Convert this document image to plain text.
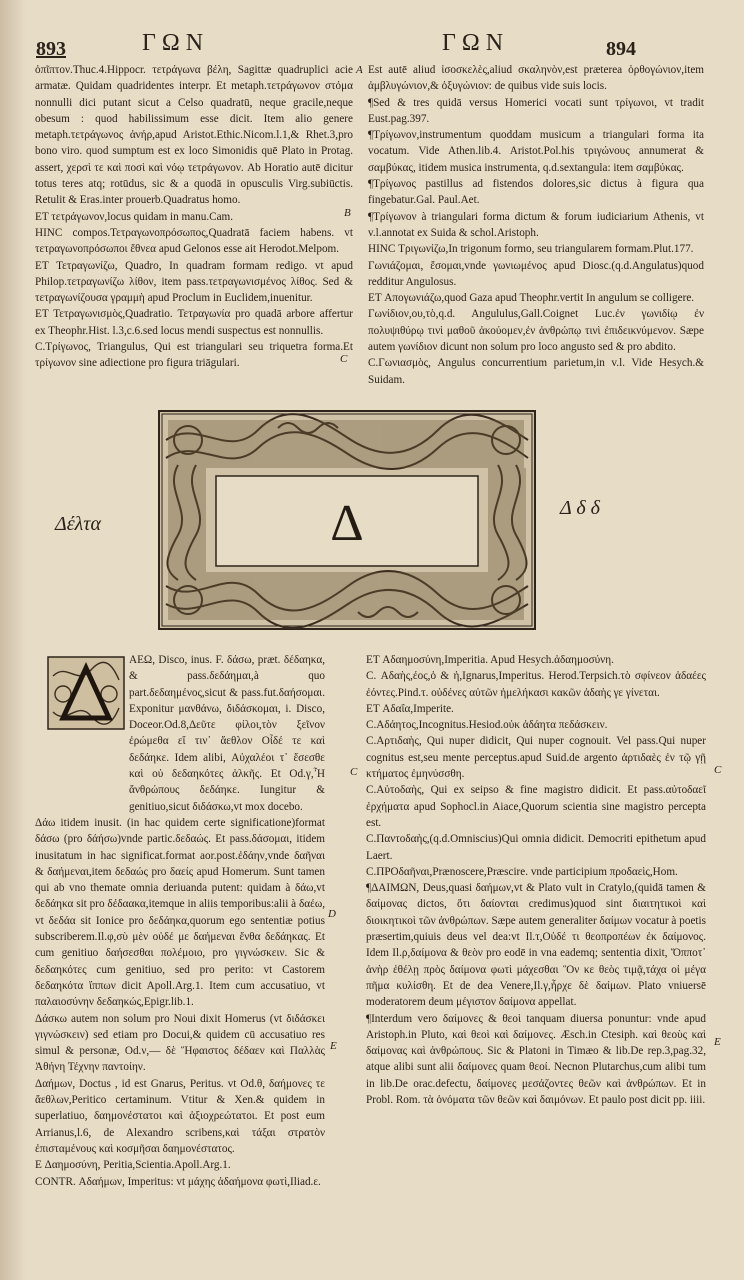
893	ΓΩΝ	ΓΩΝ	894

ὀπῖπτον.Thuc.4.Hippocr. τετράγωνα βέλη, Sagittæ quadruplici acie armatæ. Quidam quadridentes interpr. Et metaph.τετράγωνον στόμα nonnulli dici putant sicut a Celso quadratū, neque gracile,neque obesum : quod habilissimum esse dicit. Item alio genere metaph.τετράγωνος ἀνήρ,apud Aristot.Ethic.Nicom.l.1,& Rhet.3,pro bono viro. quod sumptum est ex loco Simonidis quē Plato in Protag. assert, χερσὶ τε καὶ ποσὶ καὶ νόῳ τετράγωνον. Ab Horatio autē dicitur totus teres atq; rotūdus, sic & a quodā in opusculis Virg.subiūctis. Retulit & Eras.inter prouerb.Quadratus homo.

ET τετράγωνον,locus quidam in manu.Cam.

HINC compos.Τετραγωνοπρόσωπος,Quadratā faciem habens. vt τετραγωνοπρόσωποι ἔθνεα apud Gelonos esse ait Herodot.Melpom.

ET Τετραγωνίζω, Quadro, In quadram formam redigo. vt apud Philop.τετραγωνίζω λίθον, item pass.τετραγωνισμένος λίθος. Sed & τετραγωνίζουσα γραμμὴ apud Proclum in Euclidem,inuenitur.

ET Τετραγωνισμὸς,Quadratio. Τετραγωνία pro quadā arbore affertur ex Theophr.Hist. l.3,c.6.sed locus mendi suspectus est nonnullis.

C.Τρίγωνος, Triangulus, Qui est triangulari seu triquetra forma.Et τρίγωνον sine adiectione pro figura triāgulari.

A
B
C

Est autē aliud ἰσοσκελὲς,aliud σκαληνὸν,est præterea ὀρθογώνιον,item ἀμβλυγώνιον,& ὀξυγώνιον: de quibus vide suis locis.

¶Sed & tres quidā versus Homerici vocati sunt τρίγωνοι, vt tradit Eust.pag.397.

¶Τρίγωνον,instrumentum quoddam musicum a triangulari forma ita vocatum. Vide Athen.lib.4. Aristot.Pol.his τριγώνους annumerat & σαμβύκας, itidem musica instrumenta, q.d.sextangula: item σαμβύκας.

¶Τρίγωνος pastillus ad fistendos dolores,sic dictus à figura qua fingebatur.Gal. Paul.Aet.

¶Τρίγωνον à triangulari forma dictum & forum iudiciarium Athenis, vt v.l.annotat ex Suida & schol.Aristoph.

HINC Τριγωνίζω,In trigonum formo, seu triangularem formam.Plut.177.

Γωνιάζομαι, ἔσομαι,vnde γωνιωμένος apud Diosc.(q.d.Angulatus)quod redditur Angulosus.

ET Απογωνιάζω,quod Gaza apud Theophr.vertit In angulum se colligere.

Γωνίδιον,ου,τὸ,q.d. Angululus,Gall.Coignet Luc.ἐν γωνιδίῳ ἐν πολυψιθύρῳ τινὶ μαθοῦ ἀκούομεν,ἐν ἀνθρώπῳ τινὶ ἐπιδεικνύμενον. Sæpe autem γωνίδιον dicunt non solum pro loco angusto sed & pro abdito.

C.Γωνιασμὸς, Angulus concurrentium parietum,in v.l. Vide Hesych.& Suidam.

Δέλτα
Δ δ δ
Δ

ΑΕΩ, Disco, inus. F. δάσω, præt. δέδαηκα, & pass.δεδάημαι,à quo part.δεδαημένος,sicut & pass.fut.δαήσομαι. Exponitur μανθάνω, διδάσκομαι, i. Disco, Doceor.Od.8,Δεῦτε φίλοι,τὸν ξεῖνον ἐρώμεθα εἴ τιν᾽ ἄεθλον Οἶδέ τε καὶ δεδάηκε. Idem alibi, Αὐχαλέοι τ᾽ ἔσεσθε καὶ οὐ δεδαηκότες ἀλκῆς. Et Od.γ,Ἦ ἄνθρώπους δεδάηκε. Iungitur & genitiuo,sicut διδάσκω,vt mox docebo.

Δάω itidem inusit. (in hac quidem certe significatione)format δάσω (pro δάήσω)vnde partic.δεδαώς. Et pass.δάσομαι, itidem inusitatum in hac significat.format aor.post.ἐδάην,vnde δαῆναι & δαήμεναι,item δεδαώς pro δαείς apud Homerum. Sunt tamen qui ab vno themate omnia deriuanda putent: quidam à δάω,vt δεδάηκα sit pro δέδαακα,itemque in aliis temporibus:alii à δαέω, vt δεδάα sit Ionice pro δεδάηκα,quorum ego sententiæ potius subscriberem.Il.φ,σὺ μὲν οὐδέ με δαήμεναι ἔνθα δεδάηκας. Et cum genitiuo δαήσεσθαι πολέμοιο, pro γιγνώσκειν. Sic & δεδαηκότες cum genitiuo, sed pro perito: vt Castorem δεδαηκότα ἵππων dicit Apoll.Arg.1. Item cum accusatiuo, vt παλαιοσύνην δεδαηκώς,Epigr.lib.1.

Δάσκω autem non solum pro Noui dixit Homerus (vt διδάσκει γιγνώσκειν) sed etiam pro Docui,& quidem cū accusatiuo res simul & personæ, Od.ν,— δὲ Ἥφαιστος δέδαεν καὶ Παλλὰς Ἀθήνη Τέχνην παντοίην.

Δαήμων, Doctus , id est Gnarus, Peritus. vt Od.θ, δαήμονες τε ἄεθλων,Peritico certaminum. Vtitur & Xen.& quidem in superlatiuo, δαημονέστατοι καὶ ἀξιοχρεώτατοι. Et post eum Arrianus,l.6, de Alexandro scribens,καὶ τάξαι στρατὸν ἐπισταμένους καὶ κοσμῆσαι δαημονέστατος.

E Δαημοσύνη, Peritia,Scientia.Apoll.Arg.1.

CONTR. Αδαήμων, Imperitus: vt μάχης ἀδαήμονα φωτὶ,Iliad.ε.

C
D
E

ET Αδαημοσύνη,Imperitia. Apud Hesych.ἀδαημοσύνη.

C. Αδαὴς,έος,ὁ & ἡ,Ignarus,Imperitus. Herod.Terpsich.τὸ σφίνεον ἀδαέες ἐόντες.Pind.τ. οὐδένες αὐτῶν ἠμελήκασι κακῶν ἀδαὴς γε γίνεται.

ET Αδαΐα,Imperite.

C.Αδάητος,Incognitus.Hesiod.οὐκ ἀδάητα πεδάσκειν.

C.Αρτιδαὴς, Qui nuper didicit, Qui nuper cognouit. Vel pass.Qui nuper cognitus est,seu mente perceptus.apud Suid.de argento ἀρτιδαὲς ἐν τῷ γῇ κτήματος ἐμηνύσσθη.

C.Αὐτοδαὴς, Qui ex seipso & fine magistro didicit. Et pass.αὐτοδαεῖ ἐρχήματα apud Sophocl.in Aiace,Quorum scientia sine magistro percepta est.

C.Παντοδαὴς,(q.d.Omniscius)Qui omnia didicit. Democriti epithetum apud Laert.

C.ΠΡΟδαῆναι,Prænoscere,Præscire. vnde participium προδαεὶς,Hom.

¶ΔΑΙΜΩΝ, Deus,quasi δαήμων,vt & Plato vult in Cratylo,(quidā tamen & δαίμονας dictos, ὅτι δαίονται credimus)quod sint διαιτητικοὶ καὶ διοικητικοὶ τῶν ἀνθρώπων. Sæpe autem generaliter δαίμων vocatur à poetis præsertim,quiuis deus vel dea:vt Il.τ,Οὐδέ τι θεοπροπέων ἐκ δαίμονος. Idem Il.ρ,δαίμονα & θεὸν pro eodē in vna eademq; sententia dixit, Ὅπποτ᾽ ἀνὴρ ἐθέλῃ πρὸς δαίμονα φωτὶ μάχεσθαι Ὃν κε θεὸς τιμᾷ,τάχα οἱ μέγα πῆμα κυλίσθη. Et de dea Venere,Il.γ,ἦρχε δὲ δαίμων. Plato vniuersē moderatorem deum μέγιστον δαίμονα appellat.

¶Interdum vero δαίμονες & θεοὶ tanquam diuersa ponuntur: vnde apud Aristoph.in Pluto, καὶ θεοὶ καὶ δαίμονες. Æsch.in Ctesiph. καὶ θεοὺς καὶ δαίμονας καὶ ἀνθρώπους. Sic & Platoni in Timæo & lib.De rep.3,pag.32, atque alibi sunt alii δαίμονες quam θεοί. Necnon Plutarchus,cum alibi tum in lib.De orac.defectu, δαίμονες μεσάζοντες θεῶν καὶ ἀνθρώπων. Et in Probl. Rom. τὰ ὀνόματα τῶν θεῶν καὶ δαιμόνων. Et paulo post dicit pp. iiii.

C
E
